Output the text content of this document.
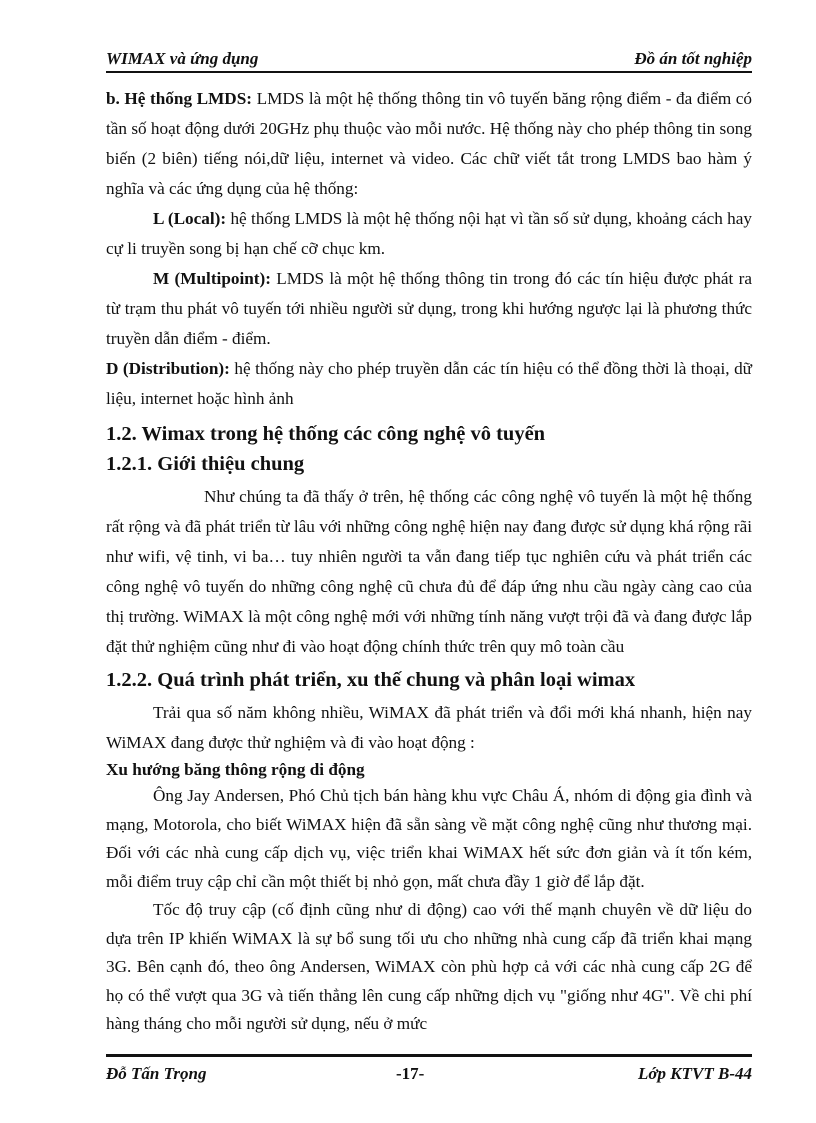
WIMAX và ứng dụng	Đồ án tốt nghiệp

b. Hệ thống LMDS: LMDS là một hệ thống thông tin vô tuyến băng rộng điểm - đa điểm có tần số hoạt động dưới 20GHz phụ thuộc vào mỗi nước. Hệ thống này cho phép thông tin song biến (2 biên) tiếng nói,dữ liệu, internet và video. Các chữ viết tắt trong LMDS bao hàm ý nghĩa và các ứng dụng của hệ thống:

L (Local): hệ thống LMDS là một hệ thống nội hạt vì tần số sử dụng, khoảng cách hay cự li truyền song bị hạn chế cỡ chục km.

M (Multipoint): LMDS là một hệ thống thông tin trong đó các tín hiệu được phát ra từ trạm thu phát vô tuyến tới nhiều người sử dụng, trong khi hướng ngược lại là phương thức truyền dẫn điểm - điểm.

D (Distribution): hệ thống này cho phép truyền dẫn các tín hiệu có thể đồng thời là thoại, dữ liệu, internet hoặc hình ảnh

1.2. Wimax trong hệ thống các công nghệ vô tuyến

1.2.1. Giới thiệu chung

Như chúng ta đã thấy ở trên, hệ thống các công nghệ vô tuyến là một hệ thống rất rộng và đã phát triển từ lâu với những công nghệ hiện nay đang được sử dụng khá rộng rãi như wifi, vệ tinh, vi ba… tuy nhiên người ta vẫn đang tiếp tục nghiên cứu và phát triển các công nghệ vô tuyến do những công nghệ cũ chưa đủ để đáp ứng nhu cầu ngày càng cao của thị trường. WiMAX là một công nghệ mới với những tính năng vượt trội đã và đang được lắp đặt thử nghiệm cũng như đi vào hoạt động chính thức trên quy mô toàn cầu

1.2.2. Quá trình phát triển, xu thế chung và phân loại wimax

Trải qua số năm không nhiều, WiMAX đã phát triển và đổi mới khá nhanh, hiện nay WiMAX đang được thử nghiệm và đi vào hoạt động :

Xu hướng băng thông rộng di động

Ông Jay Andersen, Phó Chủ tịch bán hàng khu vực Châu Á, nhóm di động gia đình và mạng, Motorola, cho biết WiMAX hiện đã sẵn sàng về mặt công nghệ cũng như thương mại. Đối với các nhà cung cấp dịch vụ, việc triển khai WiMAX hết sức đơn giản và ít tốn kém, mỗi điểm truy cập chỉ cần một thiết bị nhỏ gọn, mất chưa đầy 1 giờ để lắp đặt.

Tốc độ truy cập (cố định cũng như di động) cao với thế mạnh chuyên về dữ liệu do dựa trên IP khiến WiMAX là sự bổ sung tối ưu cho những nhà cung cấp đã triển khai mạng 3G. Bên cạnh đó, theo ông Andersen, WiMAX còn phù hợp cả với các nhà cung cấp 2G để họ có thể vượt qua 3G và tiến thẳng lên cung cấp những dịch vụ "giống như 4G". Về chi phí hàng tháng cho mỗi người sử dụng, nếu ở mức

Đỗ Tấn Trọng	-17-	Lớp KTVT B-44
